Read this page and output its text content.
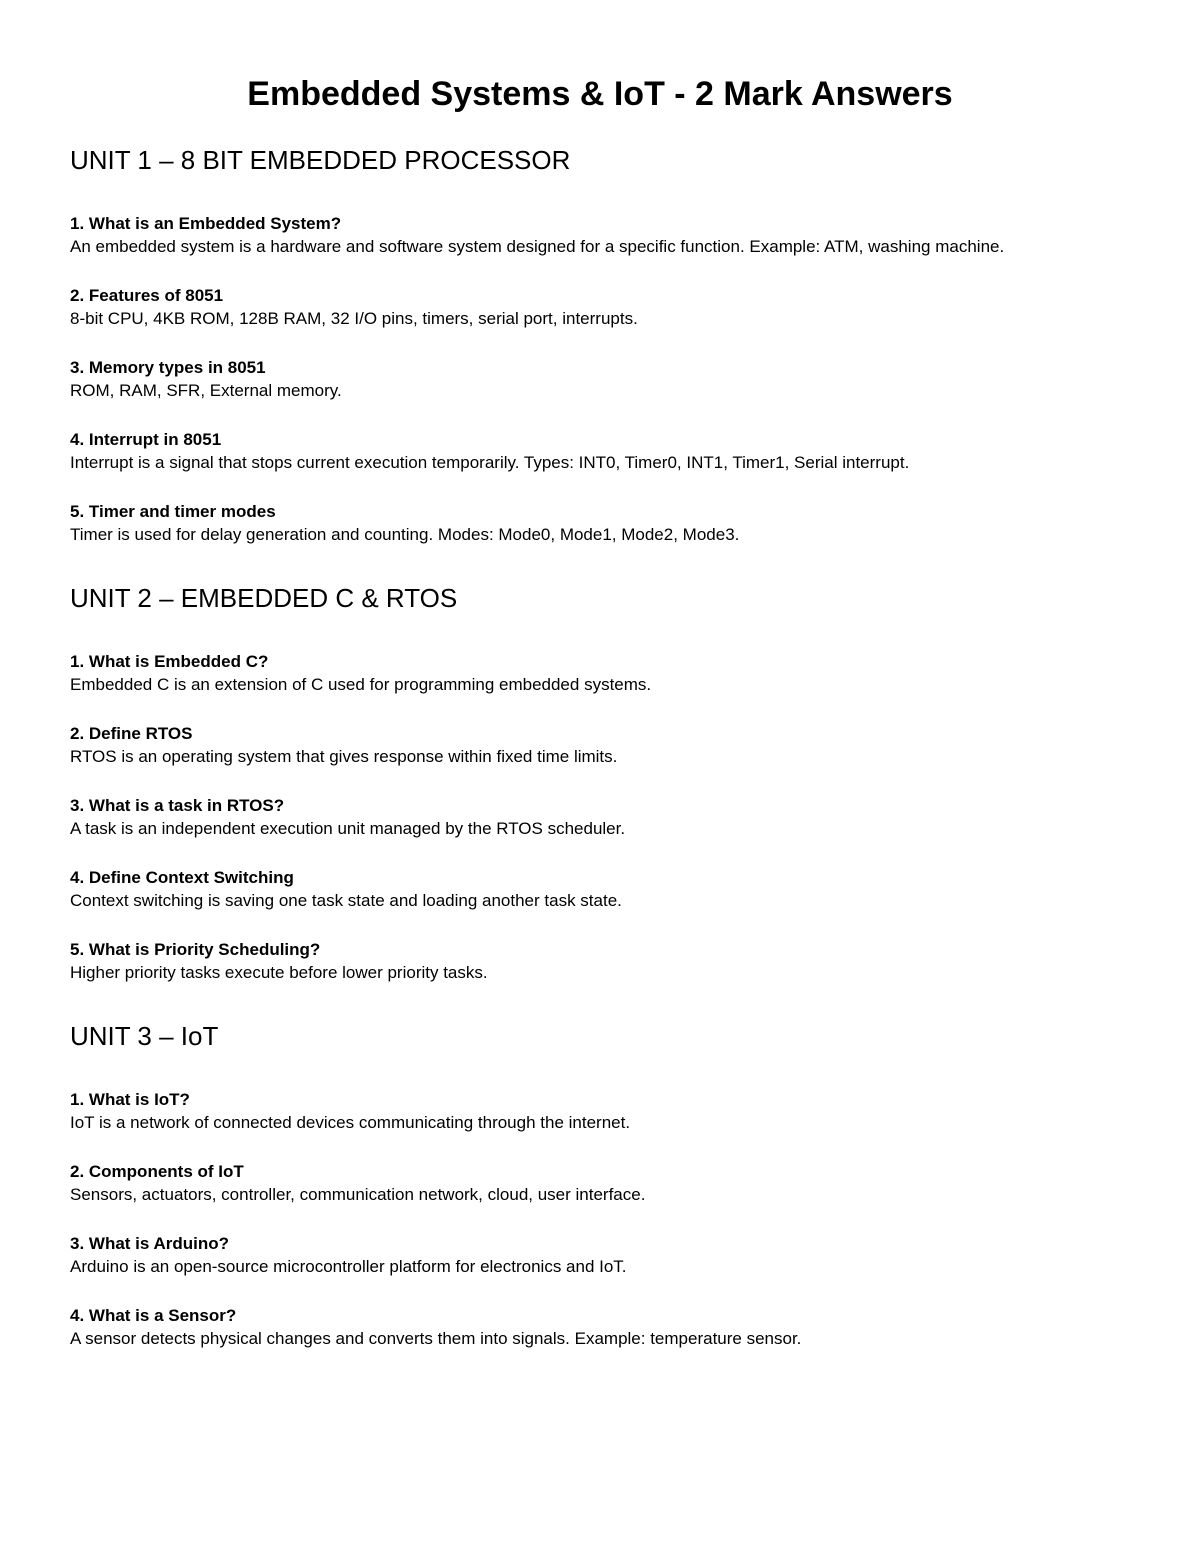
Embedded Systems & IoT - 2 Mark Answers
UNIT 1 – 8 BIT EMBEDDED PROCESSOR

1. What is an Embedded System?

An embedded system is a hardware and software system designed for a specific function. Example: ATM, washing machine.

2. Features of 8051

8-bit CPU, 4KB ROM, 128B RAM, 32 I/O pins, timers, serial port, interrupts.

3. Memory types in 8051

ROM, RAM, SFR, External memory.

4. Interrupt in 8051

Interrupt is a signal that stops current execution temporarily. Types: INT0, Timer0, INT1, Timer1, Serial interrupt.

5. Timer and timer modes

Timer is used for delay generation and counting. Modes: Mode0, Mode1, Mode2, Mode3.

UNIT 2 – EMBEDDED C & RTOS

1. What is Embedded C?

Embedded C is an extension of C used for programming embedded systems.

2. Define RTOS

RTOS is an operating system that gives response within fixed time limits.

3. What is a task in RTOS?

A task is an independent execution unit managed by the RTOS scheduler.

4. Define Context Switching

Context switching is saving one task state and loading another task state.

5. What is Priority Scheduling?

Higher priority tasks execute before lower priority tasks.

UNIT 3 – IoT

1. What is IoT?

IoT is a network of connected devices communicating through the internet.

2. Components of IoT

Sensors, actuators, controller, communication network, cloud, user interface.

3. What is Arduino?

Arduino is an open-source microcontroller platform for electronics and IoT.

4. What is a Sensor?

A sensor detects physical changes and converts them into signals. Example: temperature sensor.
